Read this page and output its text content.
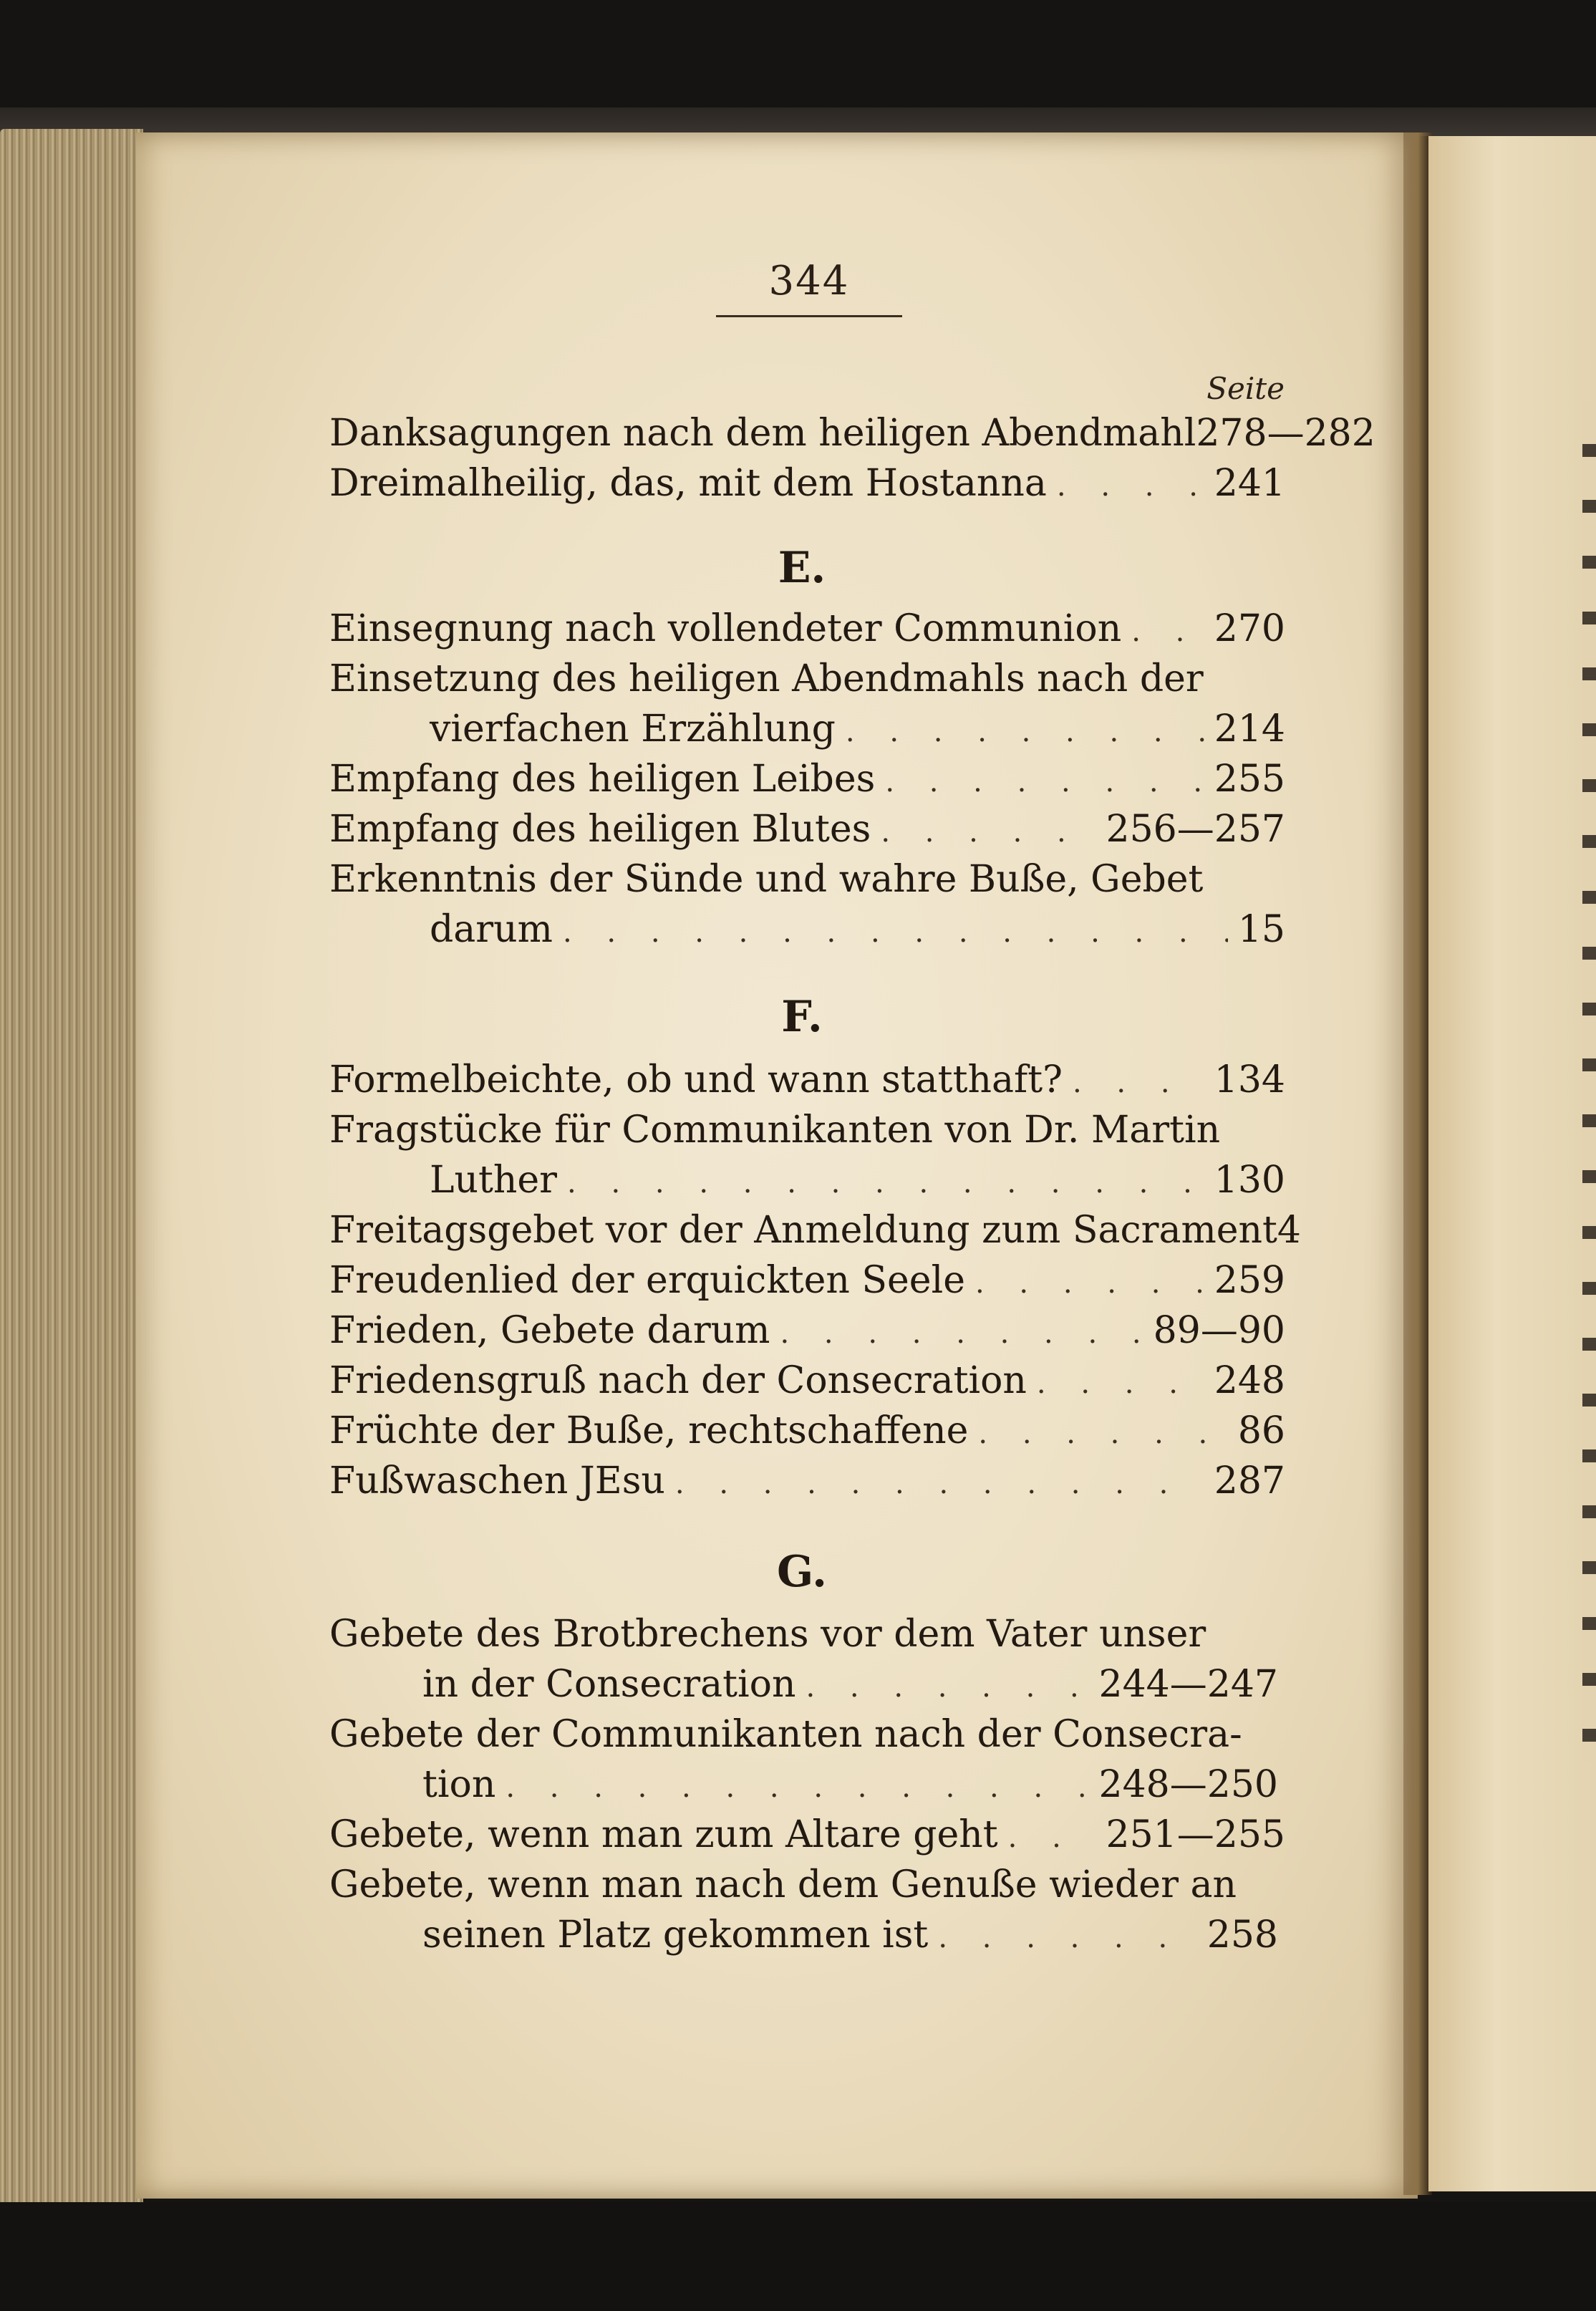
344
Seite
Danksagungen nach dem heiligen Abendmahl 278—282
Dreimalheilig, das, mit dem Hostanna . . .	241
E.
Einsegnung nach vollendeter Communion . . . 270
Einsetzung des heiligen Abendmahls nach der
vierfachen Erzählung . . .	214
Empfang des heiligen Leibes . . .	255
Empfang des heiligen Blutes . . .	256—257
Erkenntnis der Sünde und wahre Buße, Gebet
darum . . .	15
F.
Formelbeichte, ob und wann statthaft? . . .	134
Fragstücke für Communikanten von Dr. Martin
Luther . . .	130
Freitagsgebet vor der Anmeldung zum Sacrament 4
Freudenlied der erquickten Seele . . .	259
Frieden, Gebete darum . . .	89—90
Friedensgruß nach der Consecration . . .	248
Früchte der Buße, rechtschaffene . . .	86
Fußwaschen JEsu . . .	287
G.
Gebete des Brotbrechens vor dem Vater unser
in der Consecration . . .	244—247
Gebete der Communikanten nach der Consecra-
tion . . .	248—250
Gebete, wenn man zum Altare geht . . .	251—255
Gebete, wenn man nach dem Genuße wieder an
seinen Platz gekommen ist . . .	258
